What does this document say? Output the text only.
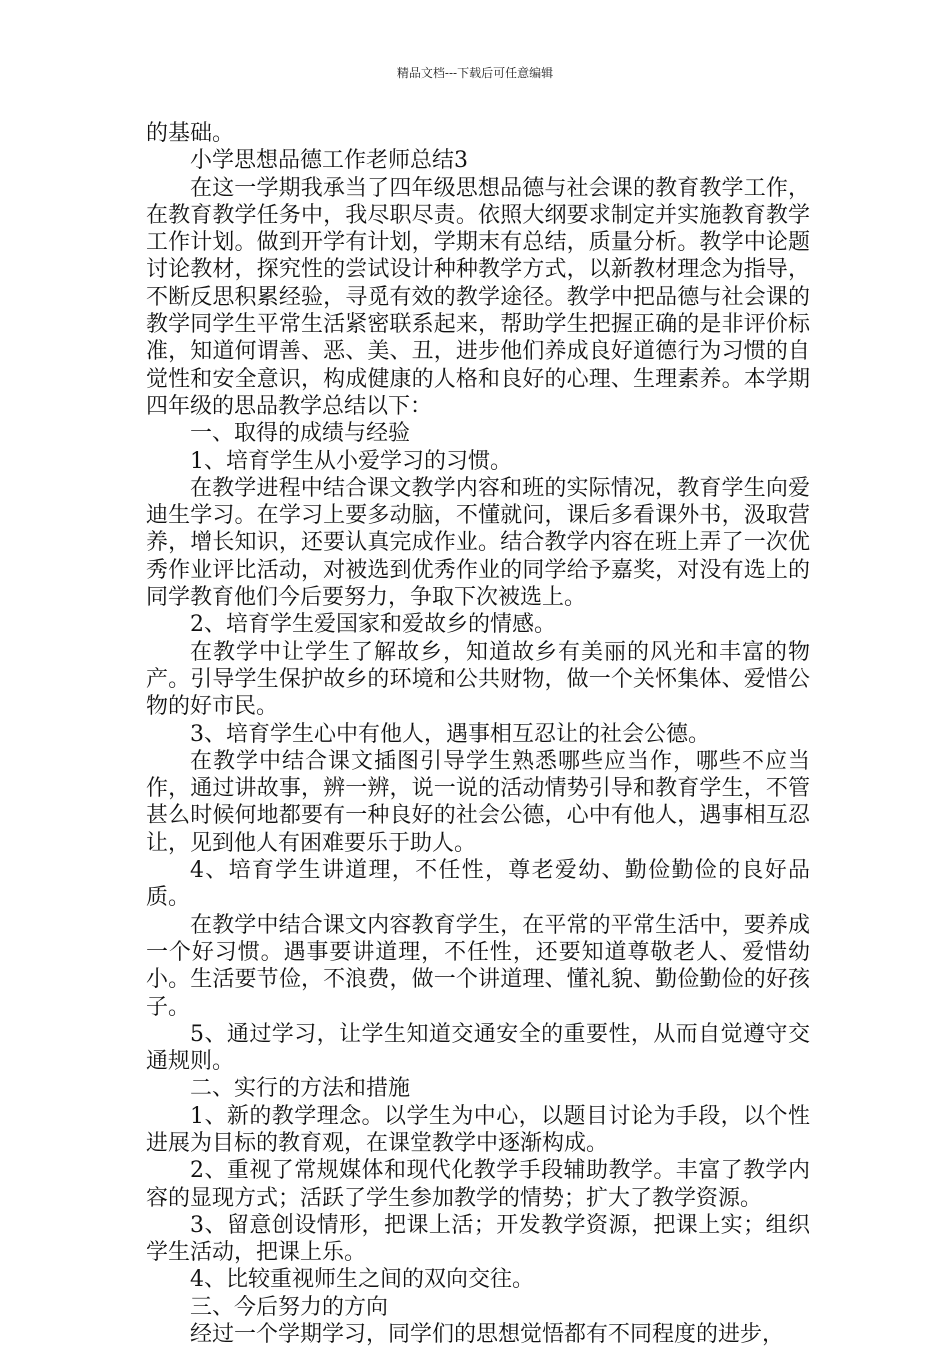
精品文档---下载后可任意编辑

的基础。

小学思想品德工作老师总结3

在这一学期我承当了四年级思想品德与社会课的教育教学工作，在教育教学任务中，我尽职尽责。依照大纲要求制定并实施教育教学工作计划。做到开学有计划，学期末有总结，质量分析。教学中论题讨论教材，探究性的尝试设计种种教学方式，以新教材理念为指导，不断反思积累经验，寻觅有效的教学途径。教学中把品德与社会课的教学同学生平常生活紧密联系起来，帮助学生把握正确的是非评价标准，知道何谓善、恶、美、丑，进步他们养成良好道德行为习惯的自觉性和安全意识，构成健康的人格和良好的心理、生理素养。本学期四年级的思品教学总结以下：

一、取得的成绩与经验

1、培育学生从小爱学习的习惯。

在教学进程中结合课文教学内容和班的实际情况，教育学生向爱迪生学习。在学习上要多动脑，不懂就问，课后多看课外书，汲取营养，增长知识，还要认真完成作业。结合教学内容在班上弄了一次优秀作业评比活动，对被选到优秀作业的同学给予嘉奖，对没有选上的同学教育他们今后要努力，争取下次被选上。

2、培育学生爱国家和爱故乡的情感。

在教学中让学生了解故乡，知道故乡有美丽的风光和丰富的物产。引导学生保护故乡的环境和公共财物，做一个关怀集体、爱惜公物的好市民。

3、培育学生心中有他人，遇事相互忍让的社会公德。

在教学中结合课文插图引导学生熟悉哪些应当作，哪些不应当作，通过讲故事，辨一辨，说一说的活动情势引导和教育学生，不管甚么时候何地都要有一种良好的社会公德，心中有他人，遇事相互忍让，见到他人有困难要乐于助人。

4、培育学生讲道理，不任性，尊老爱幼、勤俭勤俭的良好品质。

在教学中结合课文内容教育学生，在平常的平常生活中，要养成一个好习惯。遇事要讲道理，不任性，还要知道尊敬老人、爱惜幼小。生活要节俭，不浪费，做一个讲道理、懂礼貌、勤俭勤俭的好孩子。

5、通过学习，让学生知道交通安全的重要性，从而自觉遵守交通规则。

二、实行的方法和措施

1、新的教学理念。以学生为中心，以题目讨论为手段，以个性进展为目标的教育观，在课堂教学中逐渐构成。

2、重视了常规媒体和现代化教学手段辅助教学。丰富了教学内容的显现方式；活跃了学生参加教学的情势；扩大了教学资源。

3、留意创设情形，把课上活；开发教学资源，把课上实；组织学生活动，把课上乐。

4、比较重视师生之间的双向交往。

三、今后努力的方向

经过一个学期学习，同学们的思想觉悟都有不同程度的进步，
